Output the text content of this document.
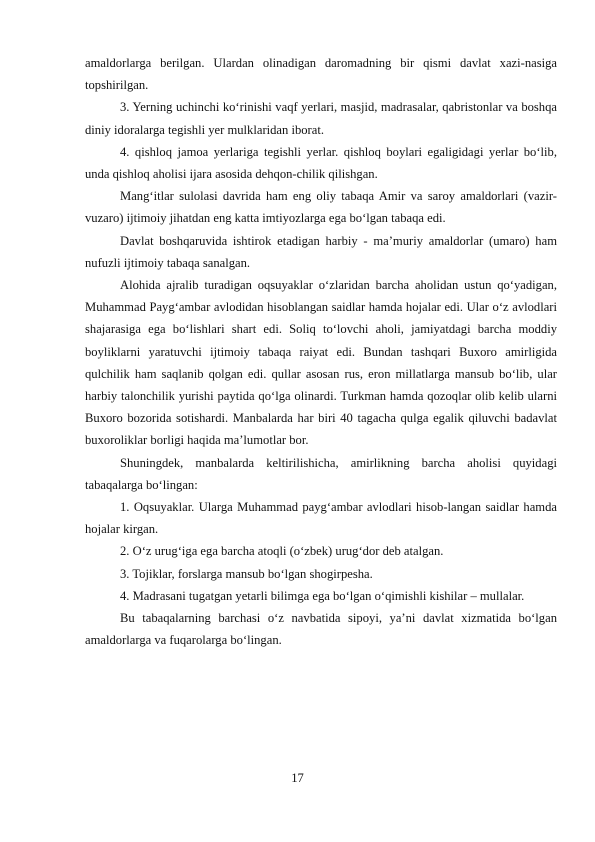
amaldorlarga berilgan. Ulardan olinadigan daromadning bir qismi davlat xazi-nasiga topshirilgan.

3. Yerning uchinchi ko‘rinishi vaqf yerlari, masjid, madrasalar, qabristonlar va boshqa diniy idoralarga tegishli yer mulklaridan iborat.

4. qishloq jamoa yerlariga tegishli yerlar. qishloq boylari egaligidagi yerlar bo‘lib, unda qishloq aholisi ijara asosida dehqon-chilik qilishgan.

Mang‘itlar sulolasi davrida ham eng oliy tabaqa Amir va saroy amaldorlari (vazir-vuzaro) ijtimoiy jihatdan eng katta imtiyozlarga ega bo‘lgan tabaqa edi.

Davlat boshqaruvida ishtirok etadigan harbiy - ma’muriy amaldorlar (umaro) ham nufuzli ijtimoiy tabaqa sanalgan.

Alohida ajralib turadigan oqsuyaklar o‘zlaridan barcha aholidan ustun qo‘yadigan, Muhammad Payg‘ambar avlodidan hisoblangan saidlar hamda hojalar edi. Ular o‘z avlodlari shajarasiga ega bo‘lishlari shart edi. Soliq to‘lovchi aholi, jamiyatdagi barcha moddiy boyliklarni yaratuvchi ijtimoiy tabaqa raiyat edi. Bundan tashqari Buxoro amirligida qulchilik ham saqlanib qolgan edi. qullar asosan rus, eron millatlarga mansub bo‘lib, ular harbiy talonchilik yurishi paytida qo‘lga olinardi. Turkman hamda qozoqlar olib kelib ularni Buxoro bozorida sotishardi. Manbalarda har biri 40 tagacha qulga egalik qiluvchi badavlat buxoroliklar borligi haqida ma’lumotlar bor.

Shuningdek, manbalarda keltirilishicha, amirlikning barcha aholisi quyidagi tabaqalarga bo‘lingan:

1. Oqsuyaklar. Ularga Muhammad payg‘ambar avlodlari hisob-langan saidlar hamda hojalar kirgan.

2. O‘z urug‘iga ega barcha atoqli (o‘zbek) urug‘dor deb atalgan.

3. Tojiklar, forslarga mansub bo‘lgan shogirpesha.

4. Madrasani tugatgan yetarli bilimga ega bo‘lgan o‘qimishli kishilar – mullalar.

Bu tabaqalarning barchasi o‘z navbatida sipoyi, ya’ni davlat xizmatida bo‘lgan amaldorlarga va fuqarolarga bo‘lingan.

17
